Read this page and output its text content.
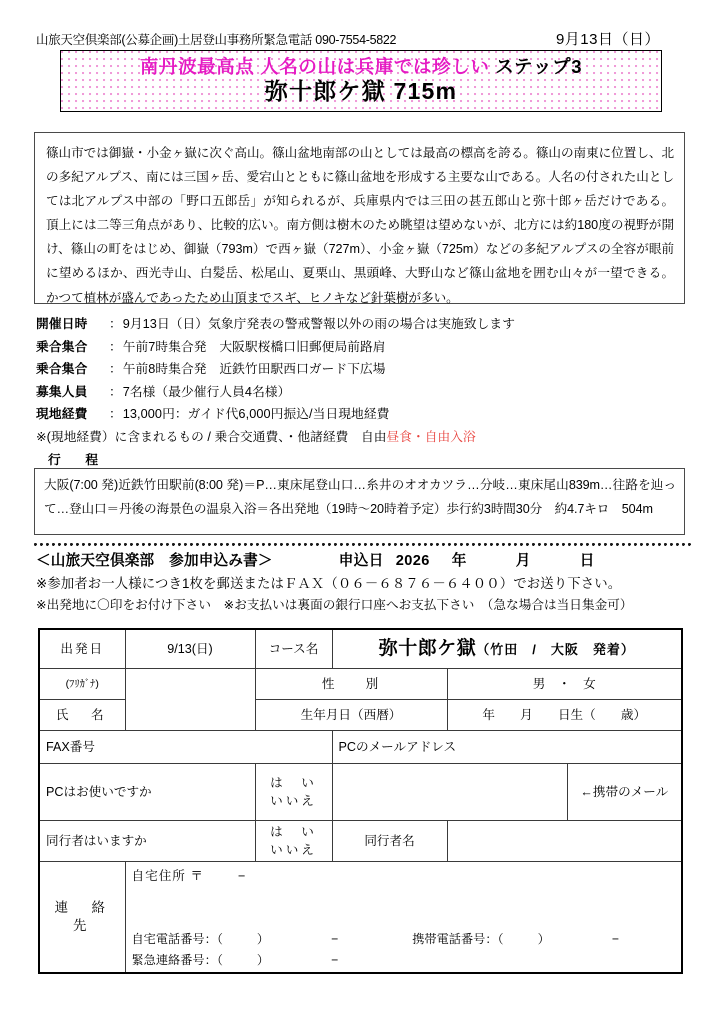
山旅天空倶楽部(公募企画)土居登山事務所緊急電話 090-7554-5822	9月13日（日）
南丹波最高点 人名の山は兵庫では珍しい ステップ3
弥十郎ケ獄 715m

篠山市では御嶽・小金ヶ嶽に次ぐ高山。篠山盆地南部の山としては最高の標高を誇る。篠山の南東に位置し、北の多紀アルプス、南には三国ヶ岳、愛宕山とともに篠山盆地を形成する主要な山である。人名の付された山としては北アルプス中部の「野口五郎岳」が知られるが、兵庫県内では三田の甚五郎山と弥十郎ヶ岳だけである。 頂上には二等三角点があり、比較的広い。南方側は樹木のため眺望は望めないが、北方には約180度の視野が開け、篠山の町をはじめ、御嶽（793m）で西ヶ嶽（727m）、小金ヶ嶽（725m）などの多紀アルプスの全容が眼前に望めるほか、西光寺山、白髪岳、松尾山、夏栗山、黒頭峰、大野山など篠山盆地を囲む山々が一望できる。 かつて植林が盛んであったため山頂までスギ、ヒノキなど針葉樹が多い。

開催日時	： 9月13日（日）気象庁発表の警戒警報以外の雨の場合は実施致します
乗合集合	： 午前7時集合発　大阪駅桜橋口旧郵便局前路肩
乗合集合	： 午前8時集合発　近鉄竹田駅西口ガード下広場
募集人員	： 7名様（最少催行人員4名様）
現地経費	： 13,000円：ガイド代6,000円振込/当日現地経費
※(現地経費）に含まれるもの / 乗合交通費、・他諸経費　自由昼食・自由入浴
行　程

大阪(7:00 発)近鉄竹田駅前(8:00 発)＝P…東床尾登山口…糸井のオオカツラ…分岐…東床尾山839m…往路を辿って…登山口＝丹後の海景色の温泉入浴＝各出発地（19時～20時着予定）歩行約3時間30分　約4.7キロ　504m

＜山旅天空倶楽部　参加申込み書＞	申込日 2026	年	月	日
※参加者お一人様につき1枚を郵送またはＦＡＸ（０６－６８７６－６４００）でお送り下さい。
※出発地に〇印をお付け下さい　※お支払いは裏面の銀行口座へお支払下さい　（急な場合は当日集金可）
出発日	9/13(日)	コース名	弥十郎ケ獄（竹田　/　大阪　発着）		
(ﾌﾘｶﾞﾅ)		性　　別		男　・　女	
氏　名		生年月日（西暦）		年　　月　　日生（　　歳）	
FAX番号			PCのメールアドレス		
PCはお使いですか		は　い　いいえ			←携帯のメール
同行者はいますか		は　い　いいえ	同行者名		
連　絡　先	自宅住所 〒 −
自宅電話番号：（ ） − 携帯電話番号：（ ） −
緊急連絡番号：（ ） −				
